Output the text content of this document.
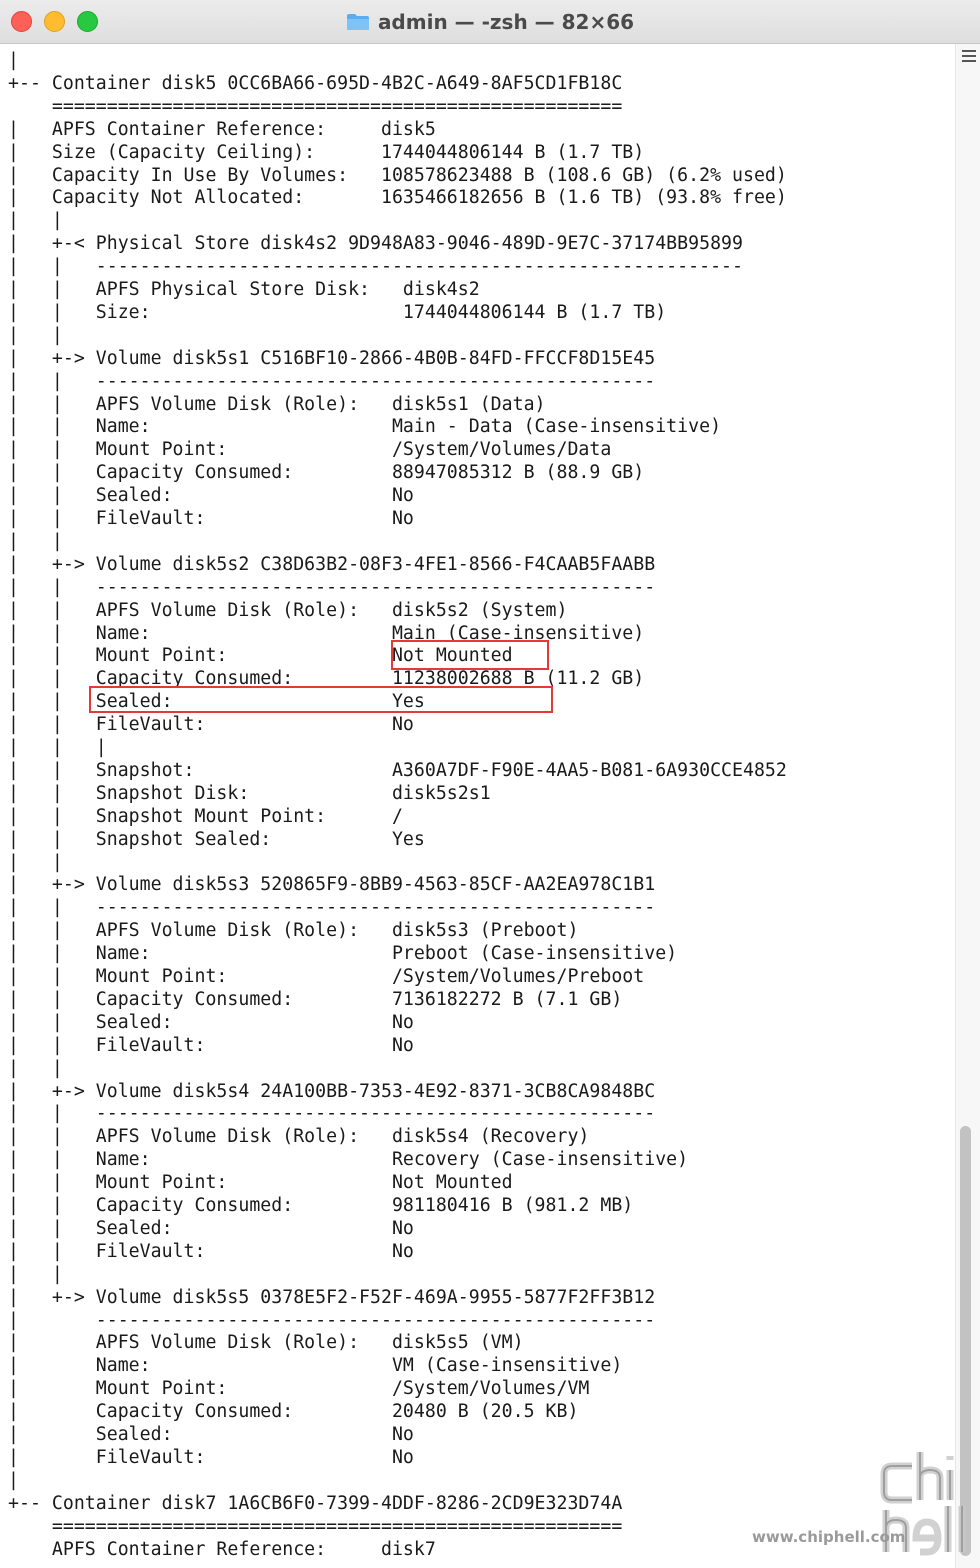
admin — -zsh — 82×66
|
+-- Container disk5 0CC6BA66-695D-4B2C-A649-8AF5CD1FB18C
====================================================
|   APFS Container Reference:     disk5
|   Size (Capacity Ceiling):      1744044806144 B (1.7 TB)
|   Capacity In Use By Volumes:   108578623488 B (108.6 GB) (6.2% used)
|   Capacity Not Allocated:       1635466182656 B (1.6 TB) (93.8% free)
|   |
|   +-< Physical Store disk4s2 9D948A83-9046-489D-9E7C-37174BB95899
|   |   -----------------------------------------------------------
|   |   APFS Physical Store Disk:   disk4s2
|   |   Size:                       1744044806144 B (1.7 TB)
|   |
|   +-> Volume disk5s1 C516BF10-2866-4B0B-84FD-FFCCF8D15E45
|   |   ---------------------------------------------------
|   |   APFS Volume Disk (Role):   disk5s1 (Data)
|   |   Name:                      Main - Data (Case-insensitive)
|   |   Mount Point:               /System/Volumes/Data
|   |   Capacity Consumed:         88947085312 B (88.9 GB)
|   |   Sealed:                    No
|   |   FileVault:                 No
|   |
|   +-> Volume disk5s2 C38D63B2-08F3-4FE1-8566-F4CAAB5FAABB
|   |   ---------------------------------------------------
|   |   APFS Volume Disk (Role):   disk5s2 (System)
|   |   Name:                      Main (Case-insensitive)
|   |   Mount Point:               Not Mounted
|   |   Capacity Consumed:         11238002688 B (11.2 GB)
|   |   Sealed:                    Yes
|   |   FileVault:                 No
|   |   |
|   |   Snapshot:                  A360A7DF-F90E-4AA5-B081-6A930CCE4852
|   |   Snapshot Disk:             disk5s2s1
|   |   Snapshot Mount Point:      /
|   |   Snapshot Sealed:           Yes
|   |
|   +-> Volume disk5s3 520865F9-8BB9-4563-85CF-AA2EA978C1B1
|   |   ---------------------------------------------------
|   |   APFS Volume Disk (Role):   disk5s3 (Preboot)
|   |   Name:                      Preboot (Case-insensitive)
|   |   Mount Point:               /System/Volumes/Preboot
|   |   Capacity Consumed:         7136182272 B (7.1 GB)
|   |   Sealed:                    No
|   |   FileVault:                 No
|   |
|   +-> Volume disk5s4 24A100BB-7353-4E92-8371-3CB8CA9848BC
|   |   ---------------------------------------------------
|   |   APFS Volume Disk (Role):   disk5s4 (Recovery)
|   |   Name:                      Recovery (Case-insensitive)
|   |   Mount Point:               Not Mounted
|   |   Capacity Consumed:         981180416 B (981.2 MB)
|   |   Sealed:                    No
|   |   FileVault:                 No
|   |
|   +-> Volume disk5s5 0378E5F2-F52F-469A-9955-5877F2FF3B12
|       ---------------------------------------------------
|       APFS Volume Disk (Role):   disk5s5 (VM)
|       Name:                      VM (Case-insensitive)
|       Mount Point:               /System/Volumes/VM
|       Capacity Consumed:         20480 B (20.5 KB)
|       Sealed:                    No
|       FileVault:                 No
|
+-- Container disk7 1A6CB6F0-7399-4DDF-8286-2CD9E323D74A
====================================================
APFS Container Reference:     disk7
www.chiphell.com
